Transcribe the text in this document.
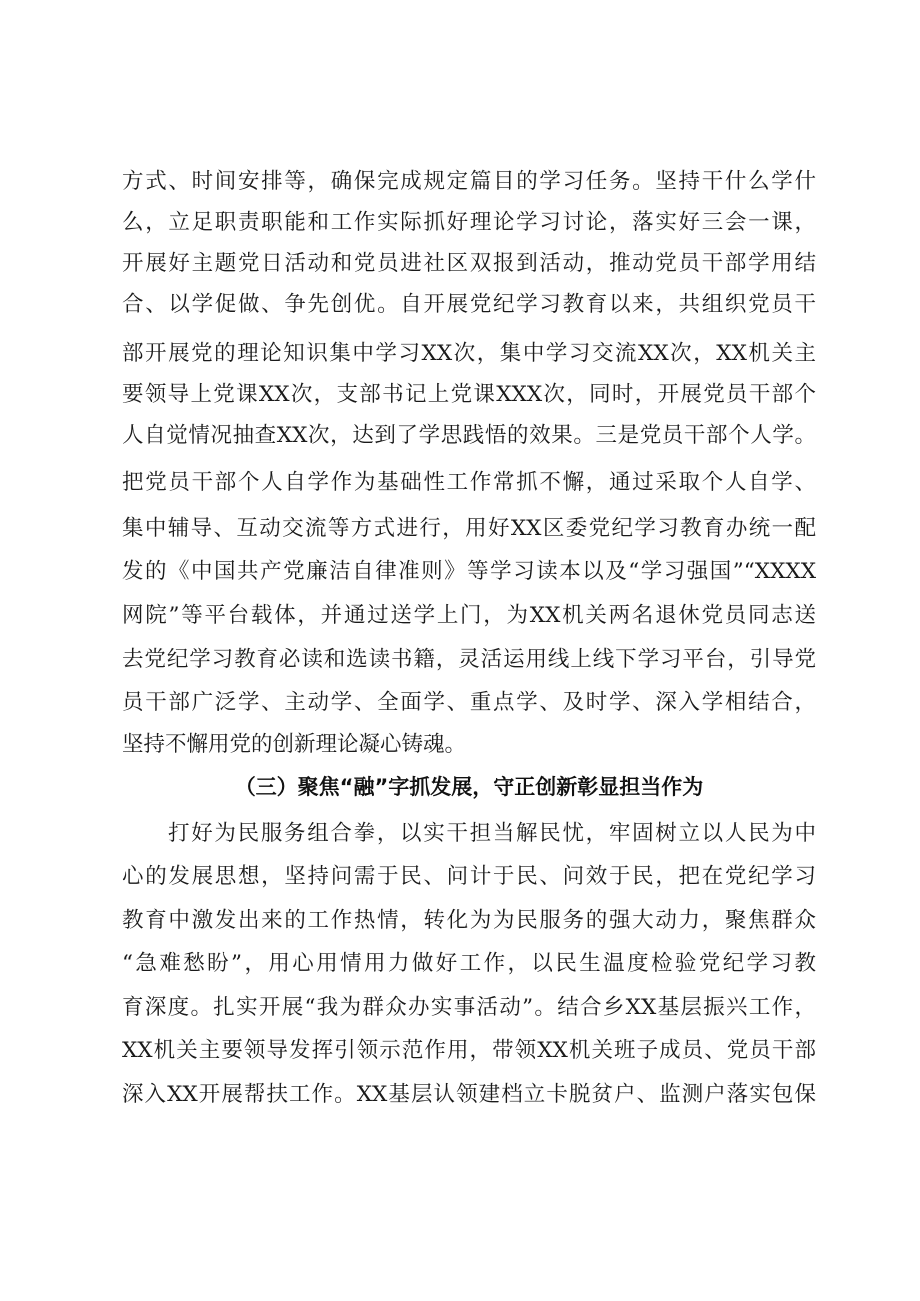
方式、时间安排等，确保完成规定篇目的学习任务。坚持干什么学什
么，立足职责职能和工作实际抓好理论学习讨论，落实好三会一课，
开展好主题党日活动和党员进社区双报到活动，推动党员干部学用结
合、以学促做、争先创优。自开展党纪学习教育以来，共组织党员干
部开展党的理论知识集中学习XX次，集中学习交流XX次，XX机关主
要领导上党课XX次，支部书记上党课XXX次，同时，开展党员干部个
人自觉情况抽查XX次，达到了学思践悟的效果。三是党员干部个人学。
把党员干部个人自学作为基础性工作常抓不懈，通过采取个人自学、
集中辅导、互动交流等方式进行，用好XX区委党纪学习教育办统一配
发的《中国共产党廉洁自律准则》等学习读本以及“学习强国”“XXXX
网院”等平台载体，并通过送学上门，为XX机关两名退休党员同志送
去党纪学习教育必读和选读书籍，灵活运用线上线下学习平台，引导党
员干部广泛学、主动学、全面学、重点学、及时学、深入学相结合，
坚持不懈用党的创新理论凝心铸魂。
（三）聚焦“融”字抓发展，守正创新彰显担当作为
打好为民服务组合拳，以实干担当解民忧，牢固树立以人民为中
心的发展思想，坚持问需于民、问计于民、问效于民，把在党纪学习
教育中激发出来的工作热情，转化为为民服务的强大动力，聚焦群众
“急难愁盼”，用心用情用力做好工作，以民生温度检验党纪学习教
育深度。扎实开展“我为群众办实事活动”。结合乡XX基层振兴工作，
XX机关主要领导发挥引领示范作用，带领XX机关班子成员、党员干部
深入XX开展帮扶工作。XX基层认领建档立卡脱贫户、监测户落实包保
